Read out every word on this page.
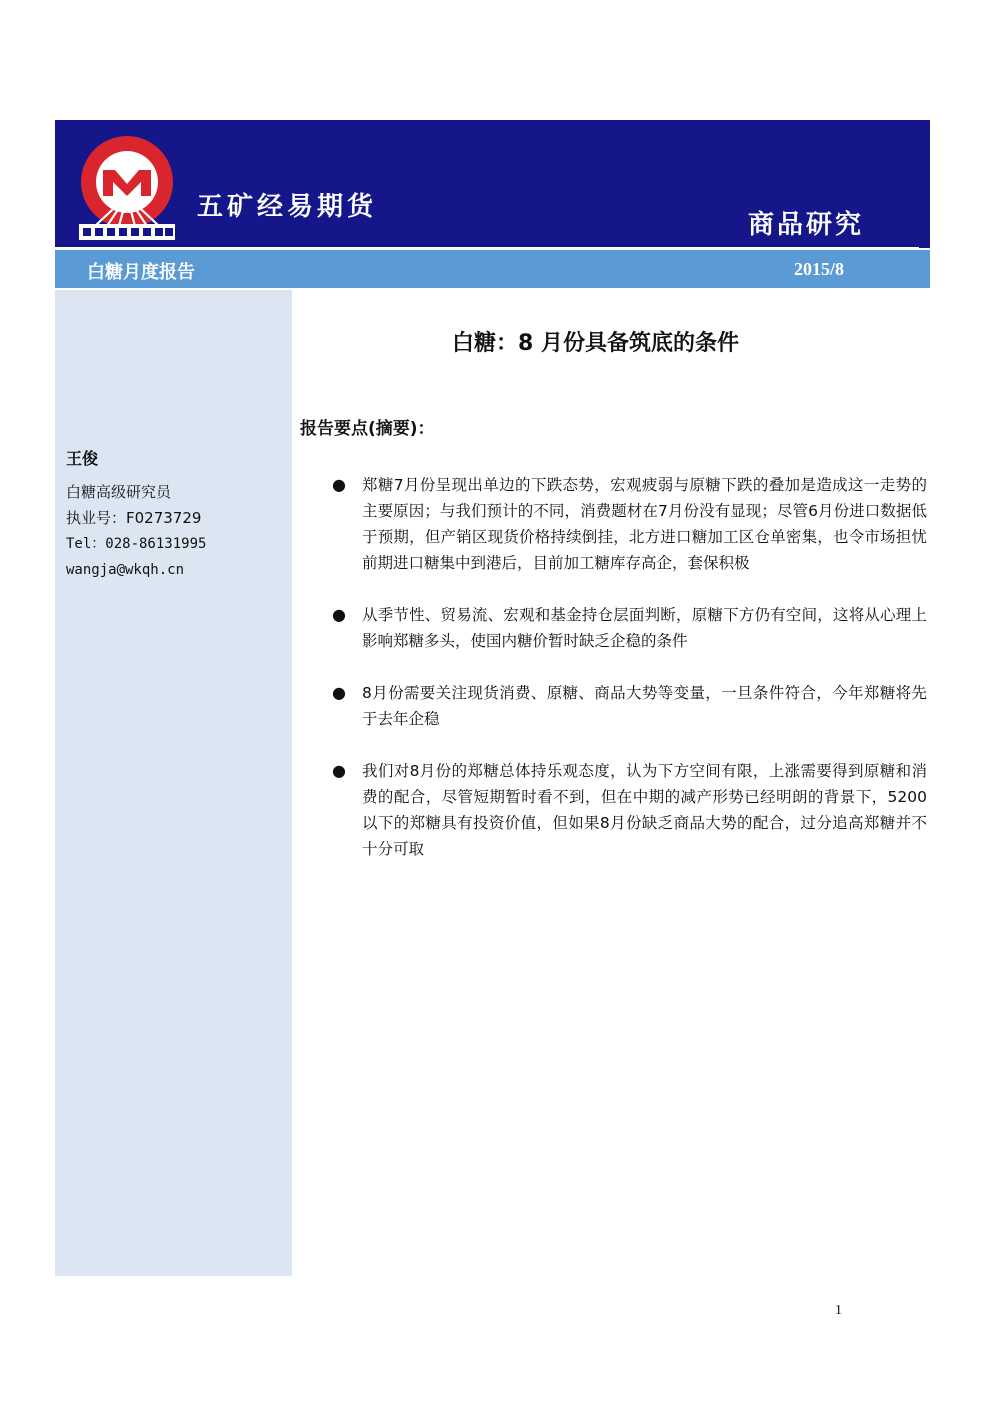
五矿经易期货
商品研究
白糖月度报告	2015/8
王俊
白糖高级研究员
执业号：F0273729
Tel：028-86131995
wangja@wkqh.cn
白糖：8 月份具备筑底的条件
报告要点(摘要)：
● 郑糖7月份呈现出单边的下跌态势，宏观疲弱与原糖下跌的叠加是造成这一走势的主要原因；与我们预计的不同，消费题材在7月份没有显现；尽管6月份进口数据低于预期，但产销区现货价格持续倒挂，北方进口糖加工区仓单密集，也令市场担忧前期进口糖集中到港后，目前加工糖库存高企，套保积极
● 从季节性、贸易流、宏观和基金持仓层面判断，原糖下方仍有空间，这将从心理上影响郑糖多头，使国内糖价暂时缺乏企稳的条件
● 8月份需要关注现货消费、原糖、商品大势等变量，一旦条件符合，今年郑糖将先于去年企稳
● 我们对8月份的郑糖总体持乐观态度，认为下方空间有限，上涨需要得到原糖和消费的配合，尽管短期暂时看不到，但在中期的减产形势已经明朗的背景下，5200以下的郑糖具有投资价值，但如果8月份缺乏商品大势的配合，过分追高郑糖并不十分可取
1
